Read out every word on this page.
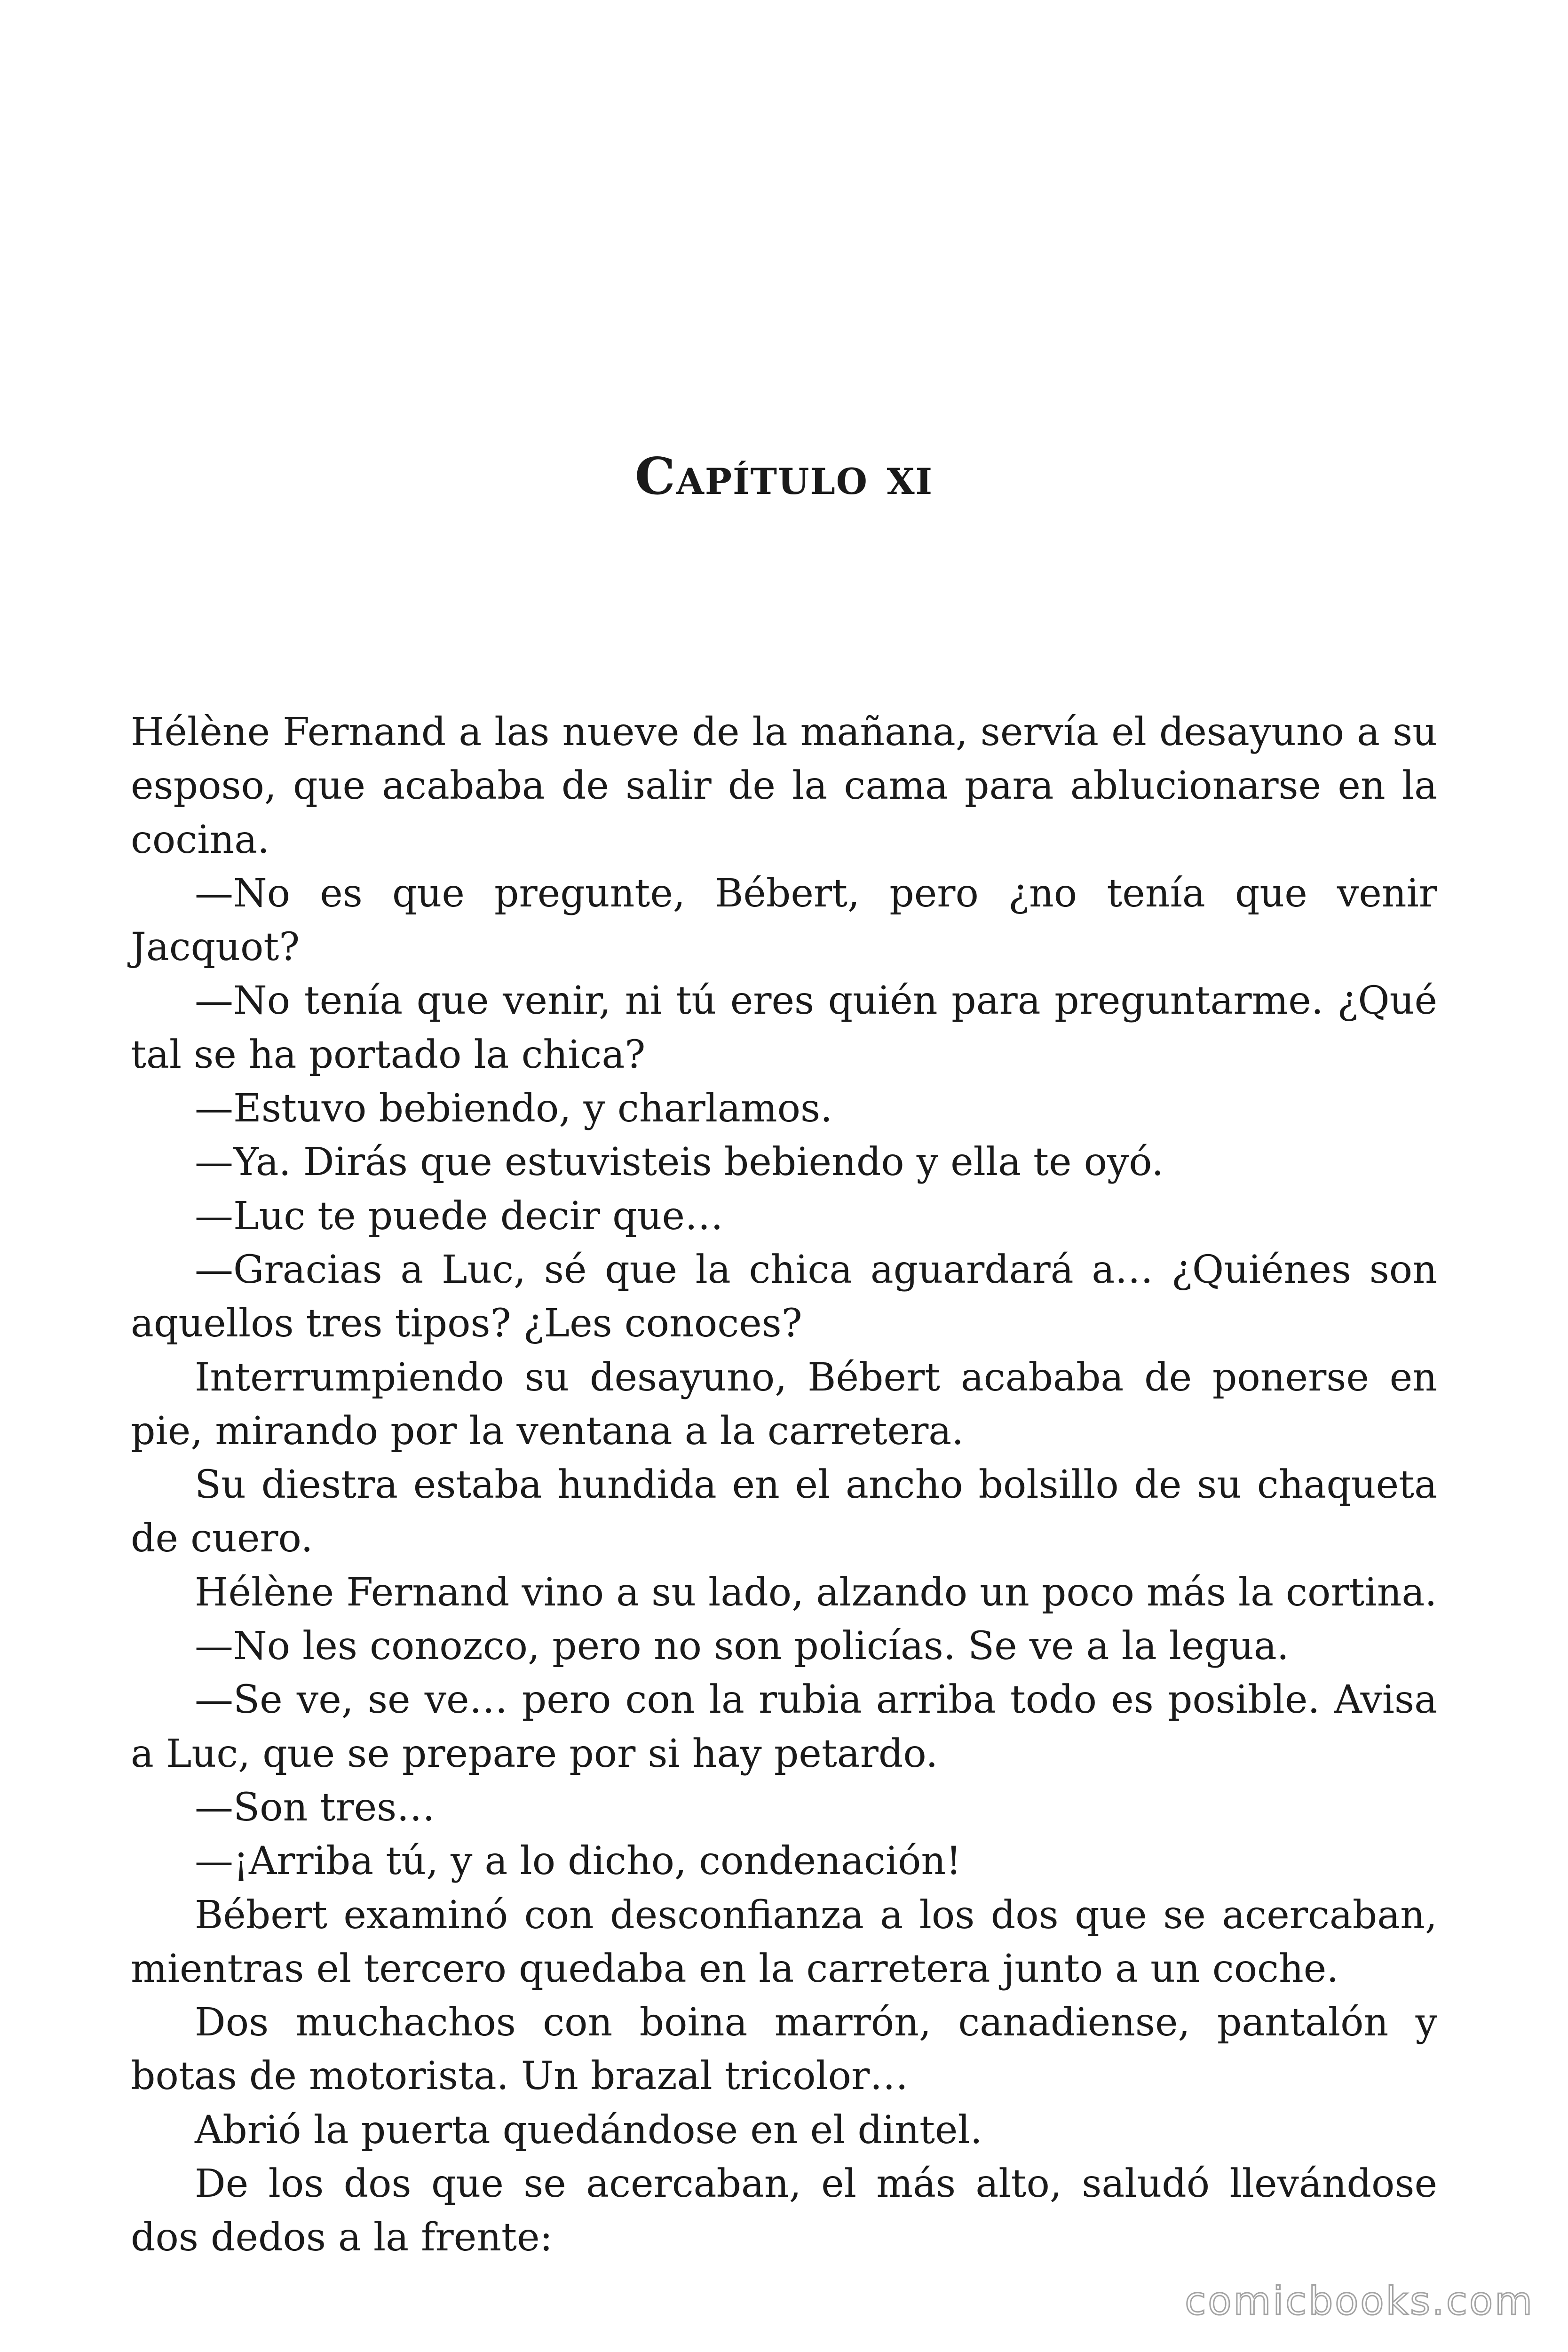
Capítulo xi

Hélène Fernand a las nueve de la mañana, servía el desayuno a su esposo, que acababa de salir de la cama para ablucionarse en la cocina.

—No es que pregunte, Bébert, pero ¿no tenía que venir Jacquot?

—No tenía que venir, ni tú eres quién para preguntarme. ¿Qué tal se ha portado la chica?

—Estuvo bebiendo, y charlamos.

—Ya. Dirás que estuvisteis bebiendo y ella te oyó.

—Luc te puede decir que…

—Gracias a Luc, sé que la chica aguardará a… ¿Quiénes son aquellos tres tipos? ¿Les conoces?

Interrumpiendo su desayuno, Bébert acababa de ponerse en pie, mirando por la ventana a la carretera.

Su diestra estaba hundida en el ancho bolsillo de su chaqueta de cuero.

Hélène Fernand vino a su lado, alzando un poco más la cortina.

—No les conozco, pero no son policías. Se ve a la legua.

—Se ve, se ve… pero con la rubia arriba todo es posible. Avisa a Luc, que se prepare por si hay petardo.

—Son tres…

—¡Arriba tú, y a lo dicho, condenación!

Bébert examinó con desconfianza a los dos que se acercaban, mientras el tercero quedaba en la carretera junto a un coche.

Dos muchachos con boina marrón, canadiense, pantalón y botas de motorista. Un brazal tricolor…

Abrió la puerta quedándose en el dintel.

De los dos que se acercaban, el más alto, saludó llevándose dos dedos a la frente:

comicbooks.com
